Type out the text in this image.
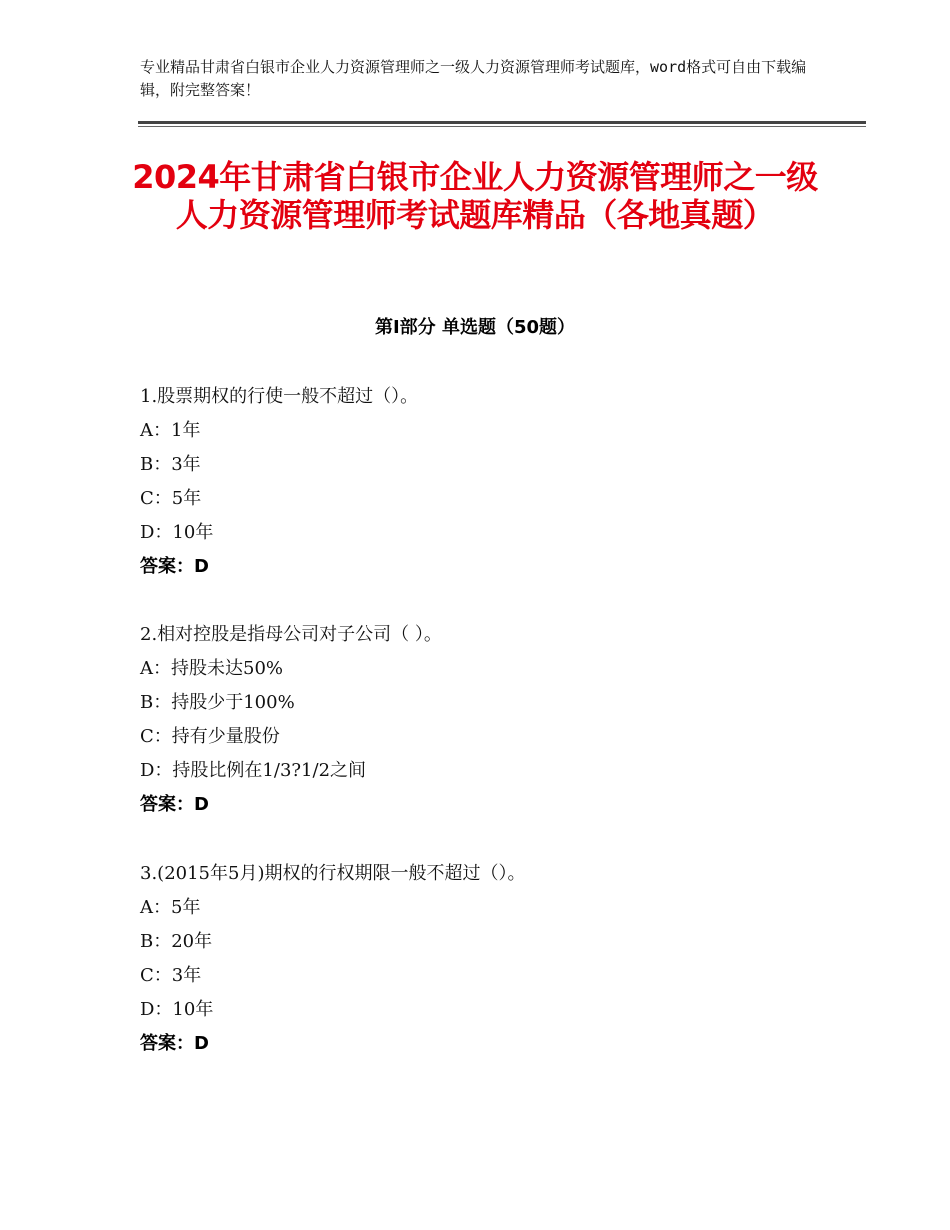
专业精品甘肃省白银市企业人力资源管理师之一级人力资源管理师考试题库，word格式可自由下载编辑，附完整答案！
2024年甘肃省白银市企业人力资源管理师之一级人力资源管理师考试题库精品（各地真题）
第Ⅰ部分 单选题（50题）
1.股票期权的行使一般不超过（）。
A：1年
B：3年
C：5年
D：10年
答案：D
2.相对控股是指母公司对子公司（ ）。
A：持股未达50%
B：持股少于100%
C：持有少量股份
D：持股比例在1/3?1/2之间
答案：D
3.(2015年5月)期权的行权期限一般不超过（）。
A：5年
B：20年
C：3年
D：10年
答案：D
